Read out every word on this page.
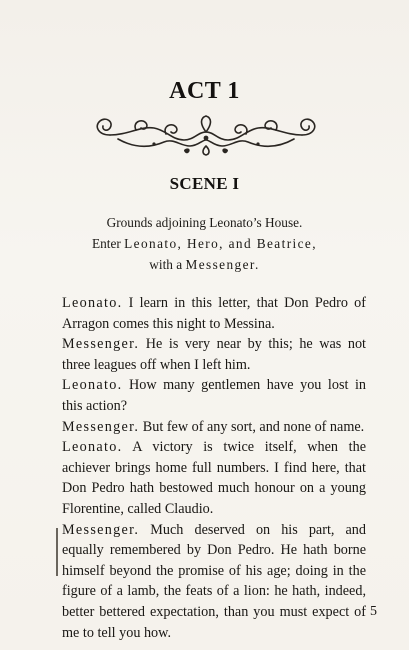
ACT 1
SCENE I
Grounds adjoining Leonato’s House.
Enter Leonato, Hero, and Beatrice,
with a Messenger.

Leonato. I learn in this letter, that Don Pedro of Arragon comes this night to Messina.

Messenger. He is very near by this; he was not three leagues off when I left him.

Leonato. How many gentlemen have you lost in this action?

Messenger. But few of any sort, and none of name.

Leonato. A victory is twice itself, when the achiever brings home full numbers. I find here, that Don Pedro hath bestowed much honour on a young Florentine, called Claudio.

Messenger. Much deserved on his part, and equally remembered by Don Pedro. He hath borne himself beyond the promise of his age; doing in the figure of a lamb, the feats of a lion: he hath, indeed, better bettered expectation, than you must expect of me to tell you how.

5
